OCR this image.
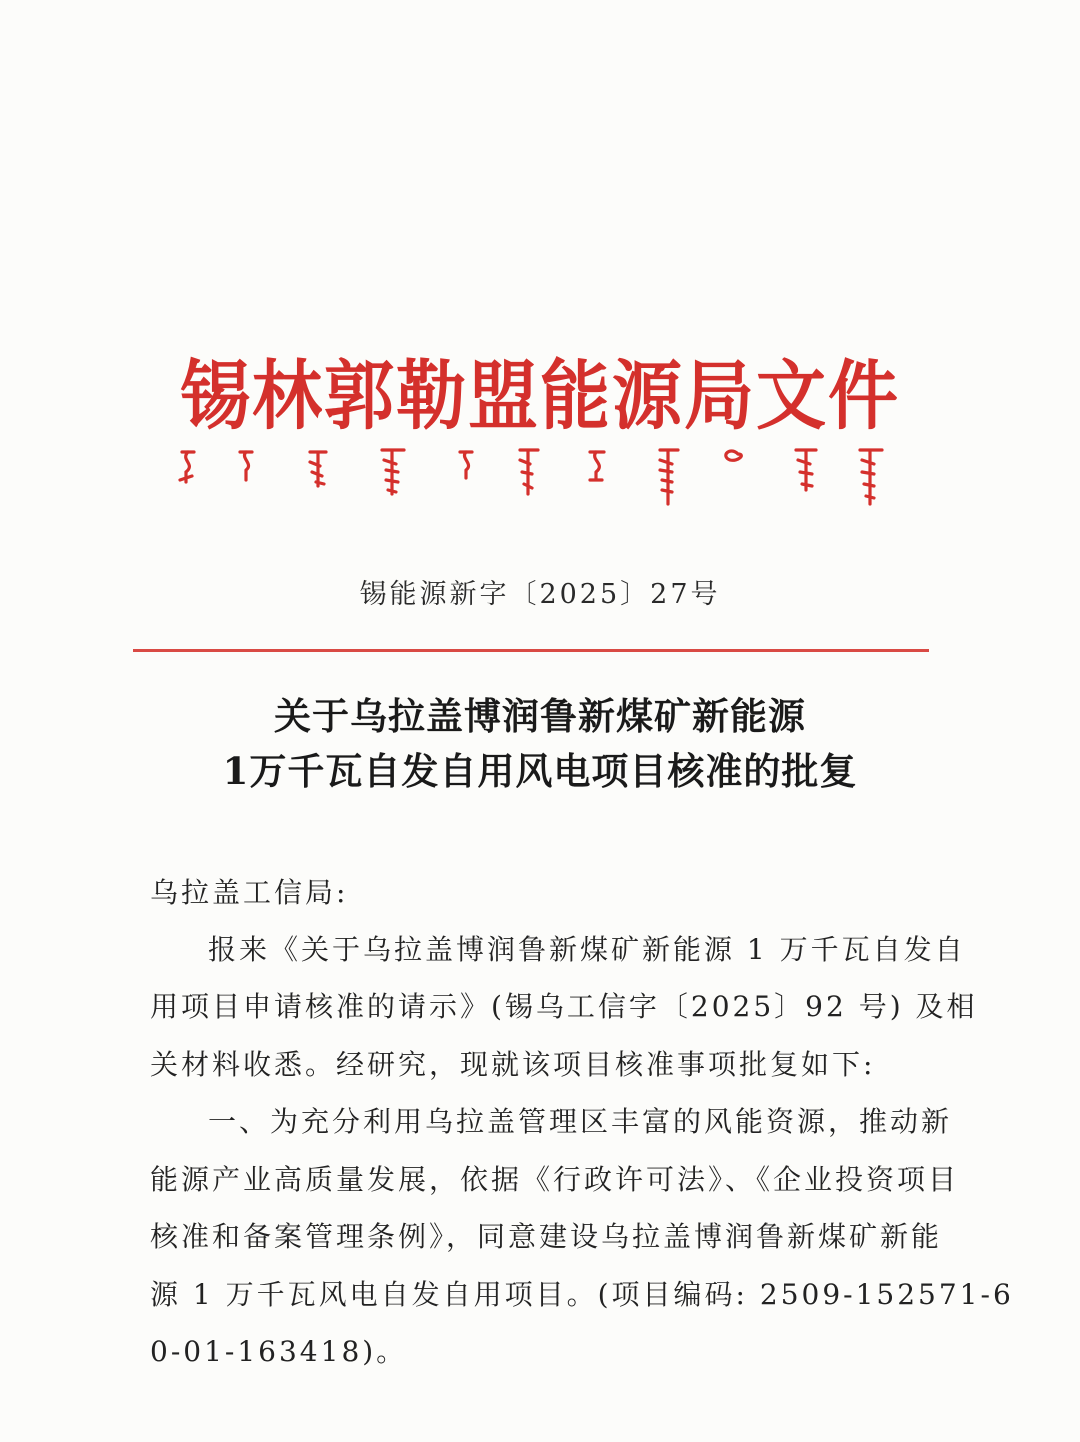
锡林郭勒盟能源局文件
锡能源新字〔2025〕27号
关于乌拉盖博润鲁新煤矿新能源
1万千瓦自发自用风电项目核准的批复
乌拉盖工信局:
报来《关于乌拉盖博润鲁新煤矿新能源 1 万千瓦自发自
用项目申请核准的请示》(锡乌工信字〔2025〕92 号) 及相
关材料收悉。经研究，现就该项目核准事项批复如下:
一、为充分利用乌拉盖管理区丰富的风能资源，推动新
能源产业高质量发展，依据《行政许可法》、《企业投资项目
核准和备案管理条例》，同意建设乌拉盖博润鲁新煤矿新能
源 1 万千瓦风电自发自用项目。(项目编码: 2509-152571-6
0-01-163418)。
